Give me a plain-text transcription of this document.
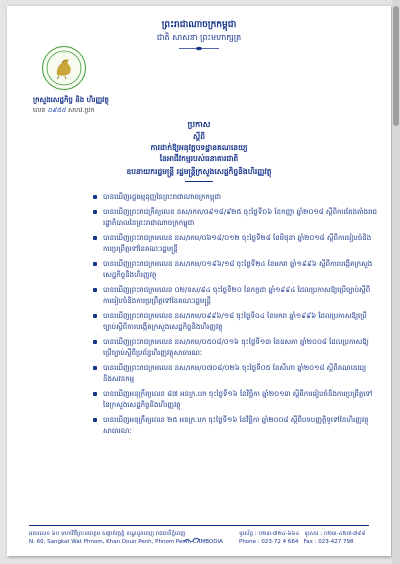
ព្រះរាជាណាចក្រកម្ពុជា
ជាតិ សាសនា ព្រះមហាក្សត្រ
ក្រសួងសេដ្ឋកិច្ច និង ហិរញ្ញវត្ថុ
លេខ ០៩៥៥ សហវ.ប្រក
ប្រកាស
ស្តីពី
ការដាក់ឱ្យអនុវត្តបទដ្ឋានគណនេយ្យ
នៃអាជីវកម្មរបស់ធនាគារជាតិ
ឧបនាយករដ្ឋមន្ត្រី រដ្ឋមន្ត្រីក្រសួងសេដ្ឋកិច្ចនិងហិរញ្ញវត្ថុ
បានឃើញរដ្ឋធម្មនុញ្ញនៃព្រះរាជាណាចក្រកម្ពុជា
បានឃើញព្រះរាជក្រឹត្យលេខ នស/រកត/០៩១៨/៩២៥ ចុះថ្ងៃទី០៦ ខែកញ្ញា ឆ្នាំ២០១៨ ស្តីពីការតែងតាំងរាជរដ្ឋាភិបាលនៃព្រះរាជាណាចក្រកម្ពុជា
បានឃើញព្រះរាជក្រមលេខ នស/រកម/០៦១៨/០១២ ចុះថ្ងៃទី២៨ ខែមិថុនា ឆ្នាំ២០១៨ ស្តីពីការរៀបចំនិងការប្រព្រឹត្តទៅនៃគណៈរដ្ឋមន្ត្រី
បានឃើញព្រះរាជក្រមលេខ នស/រកម/០១៩៦/១៨ ចុះថ្ងៃទី២៤ ខែមករា ឆ្នាំ១៩៩៦ ស្តីពីការបង្កើតក្រសួងសេដ្ឋកិច្ចនិងហិរញ្ញវត្ថុ
បានឃើញព្រះរាជក្រមលេខ ០២/នស/៩៤ ចុះថ្ងៃទី២០ ខែកក្កដា ឆ្នាំ១៩៩៤ ដែលប្រកាសឱ្យប្រើច្បាប់ស្តីពីការរៀបចំនិងការប្រព្រឹត្តទៅនៃគណៈរដ្ឋមន្ត្រី
បានឃើញព្រះរាជក្រមលេខ នស/រកម/០៩៩៦/១៨ ចុះថ្ងៃទី០៤ ខែមករា ឆ្នាំ១៩៩៦ ដែលប្រកាសឱ្យប្រើច្បាប់ស្តីពីការបង្កើតក្រសួងសេដ្ឋកិច្ចនិងហិរញ្ញវត្ថុ
បានឃើញព្រះរាជក្រមលេខ នស/រកម/០៥០៨/០១៦ ចុះថ្ងៃទី១៣ ខែឧសភា ឆ្នាំ២០០៨ ដែលប្រកាសឱ្យប្រើច្បាប់ស្តីពីប្រព័ន្ធហិរញ្ញវត្ថុសាធារណៈ
បានឃើញព្រះរាជក្រមលេខ នស/រកម/០៧០៨/០២៦ ចុះថ្ងៃទី០៥ ខែសីហា ឆ្នាំ២០១៨ ស្តីពីគណនេយ្យ និងសវនកម្ម
បានឃើញអនុក្រឹត្យលេខ ៨៧ អនក្រ.បក ចុះថ្ងៃទី១៦ ខែវិច្ឆិកា ឆ្នាំ២០១៣ ស្តីពីការរៀបចំនិងការប្រព្រឹត្តទៅនៃក្រសួងសេដ្ឋកិច្ចនិងហិរញ្ញវត្ថុ
បានឃើញអនុក្រឹត្យលេខ ២៥ អនក្រ.បក ចុះថ្ងៃទី១៦ ខែវិច្ឆិកា ឆ្នាំ២០០៨ ស្តីពីបទបញ្ញត្តិទូទៅនៃហិរញ្ញវត្ថុសាធារណៈ
អគារលេខ ៦០ មហាវិថីព្រះនរោត្តម សង្កាត់វត្តភ្នំ ខណ្ឌដូនពេញ រាជធានីភ្នំពេញ
N. 60, Sangkat Wat Phnom, Khan Doun Penh, Phnom Penh, CAMBODIA
ទូរស័ព្ទ : ០២៣-៧២៤-៦៦៤ ទូរសារ : ០២៣-៤២៧-៧៩៨
Phone : 023-72 4 664 Fax : 023-427 798
